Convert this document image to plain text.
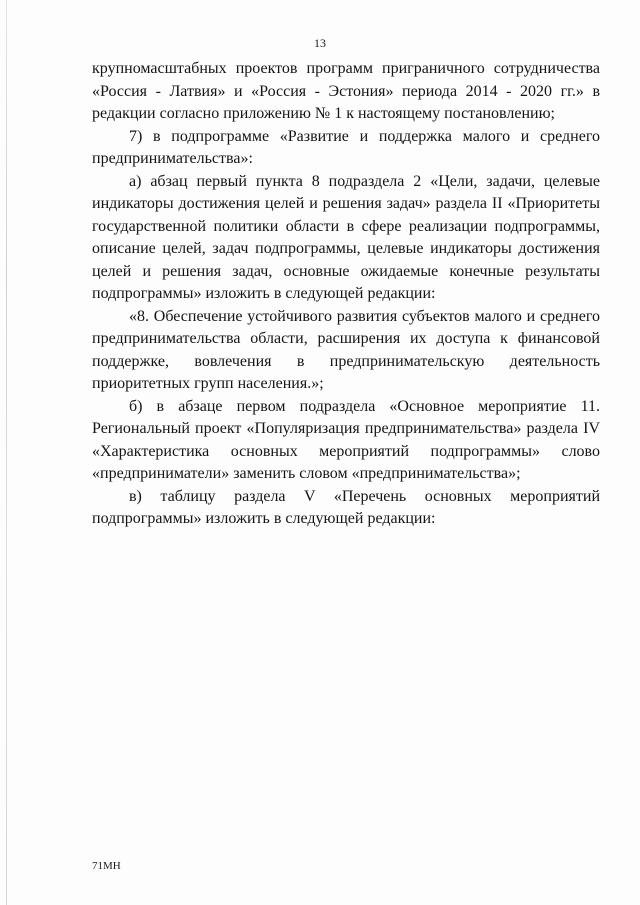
13

крупномасштабных проектов программ приграничного сотрудничества «Россия - Латвия» и «Россия - Эстония» периода 2014 - 2020 гг.» в редакции согласно приложению № 1 к настоящему постановлению;

7) в подпрограмме «Развитие и поддержка малого и среднего предпринимательства»:

а) абзац первый пункта 8 подраздела 2 «Цели, задачи, целевые индикаторы достижения целей и решения задач» раздела II «Приоритеты государственной политики области в сфере реализации подпрограммы, описание целей, задач подпрограммы, целевые индикаторы достижения целей и решения задач, основные ожидаемые конечные результаты подпрограммы» изложить в следующей редакции:

«8. Обеспечение устойчивого развития субъектов малого и среднего предпринимательства области, расширения их доступа к финансовой поддержке, вовлечения в предпринимательскую деятельность приоритетных групп населения.»;

б) в абзаце первом подраздела «Основное мероприятие 11. Региональный проект «Популяризация предпринимательства» раздела IV «Характеристика основных мероприятий подпрограммы» слово «предприниматели» заменить словом «предпринимательства»;

в) таблицу раздела V «Перечень основных мероприятий подпрограммы» изложить в следующей редакции:

71МН
